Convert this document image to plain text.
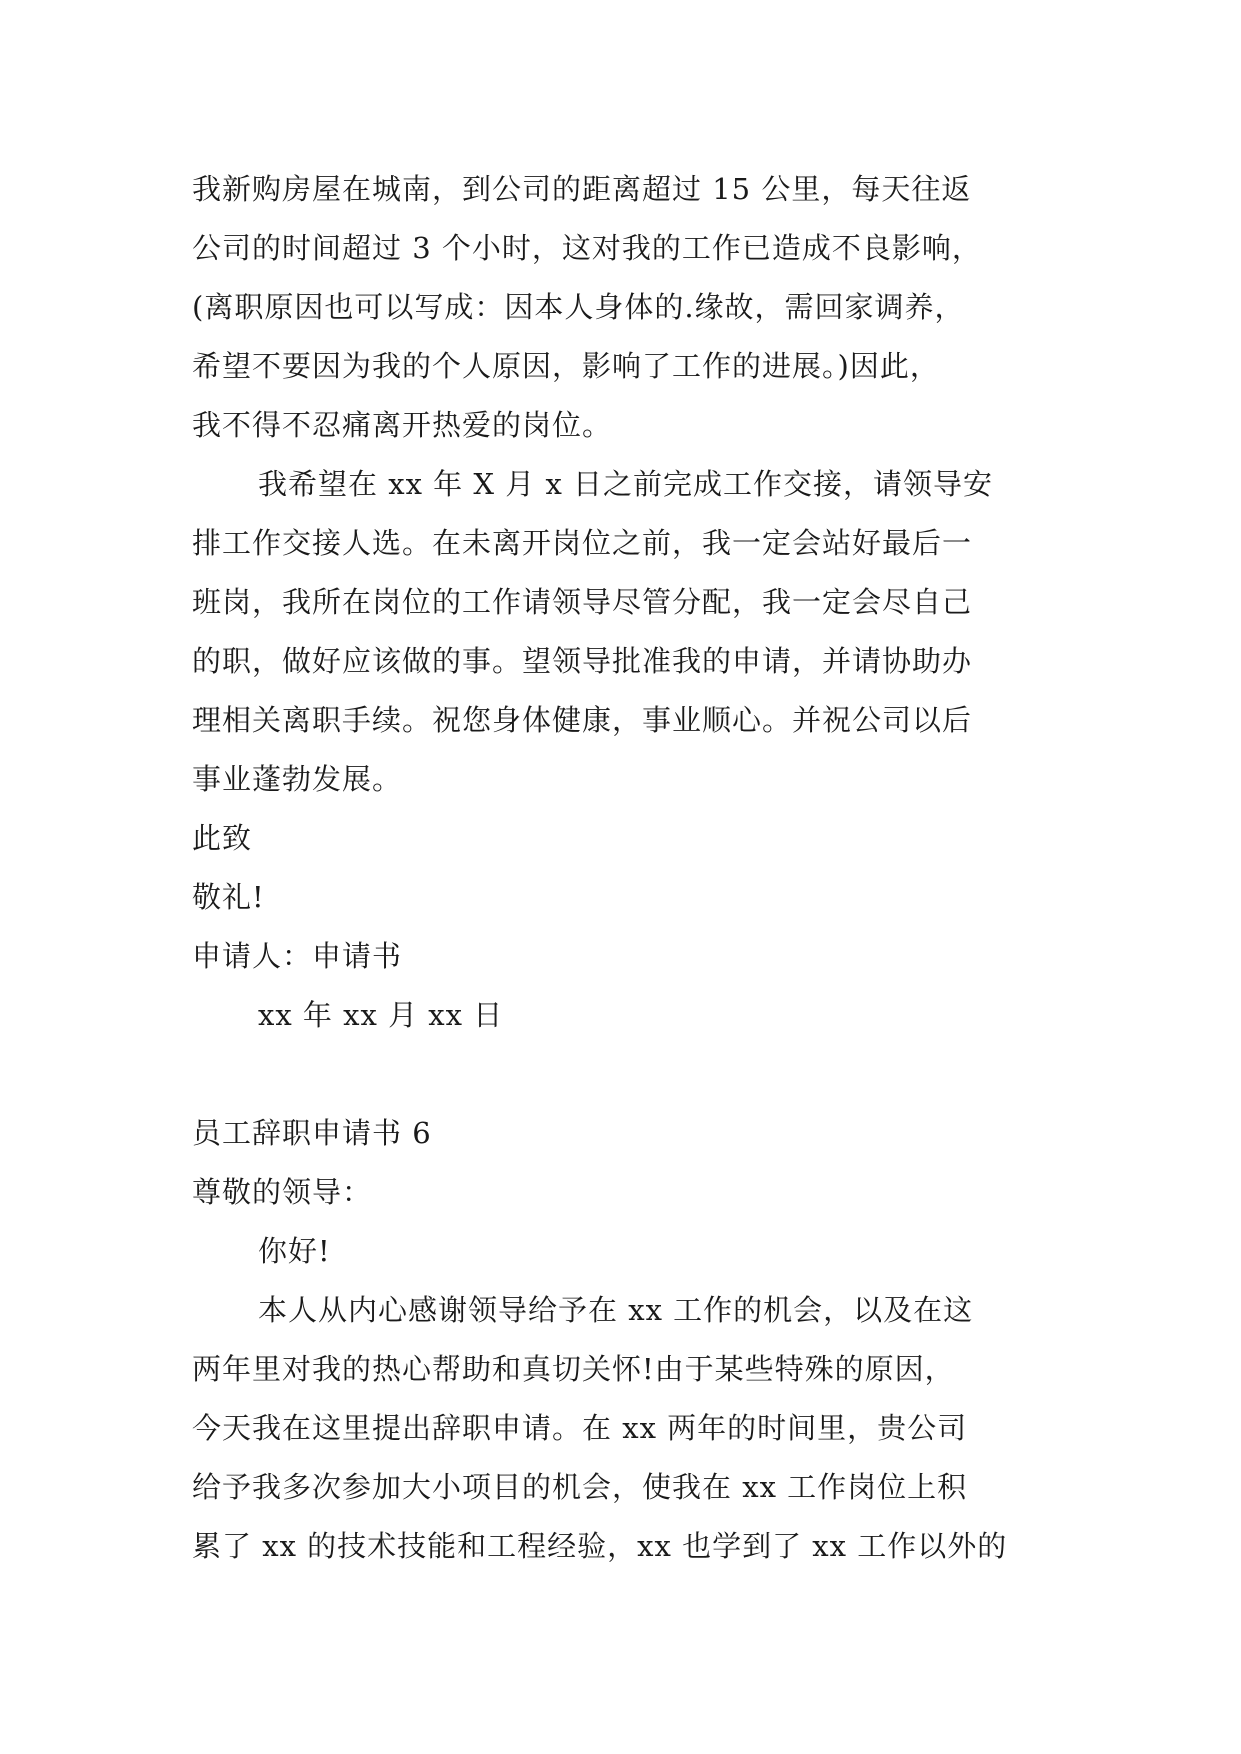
我新购房屋在城南，到公司的距离超过 15 公里，每天往返
公司的时间超过 3 个小时，这对我的工作已造成不良影响，
(离职原因也可以写成：因本人身体的.缘故，需回家调养，
希望不要因为我的个人原因，影响了工作的进展。)因此，
我不得不忍痛离开热爱的岗位。
我希望在 xx 年 X 月 x 日之前完成工作交接，请领导安
排工作交接人选。在未离开岗位之前，我一定会站好最后一
班岗，我所在岗位的工作请领导尽管分配，我一定会尽自己
的职，做好应该做的事。望领导批准我的申请，并请协助办
理相关离职手续。祝您身体健康，事业顺心。并祝公司以后
事业蓬勃发展。
此致
敬礼!
申请人：申请书
xx 年 xx 月 xx 日
员工辞职申请书 6
尊敬的领导：
你好!
本人从内心感谢领导给予在 xx 工作的机会，以及在这
两年里对我的热心帮助和真切关怀!由于某些特殊的原因，
今天我在这里提出辞职申请。在 xx 两年的时间里，贵公司
给予我多次参加大小项目的机会，使我在 xx 工作岗位上积
累了 xx 的技术技能和工程经验，xx 也学到了 xx 工作以外的
